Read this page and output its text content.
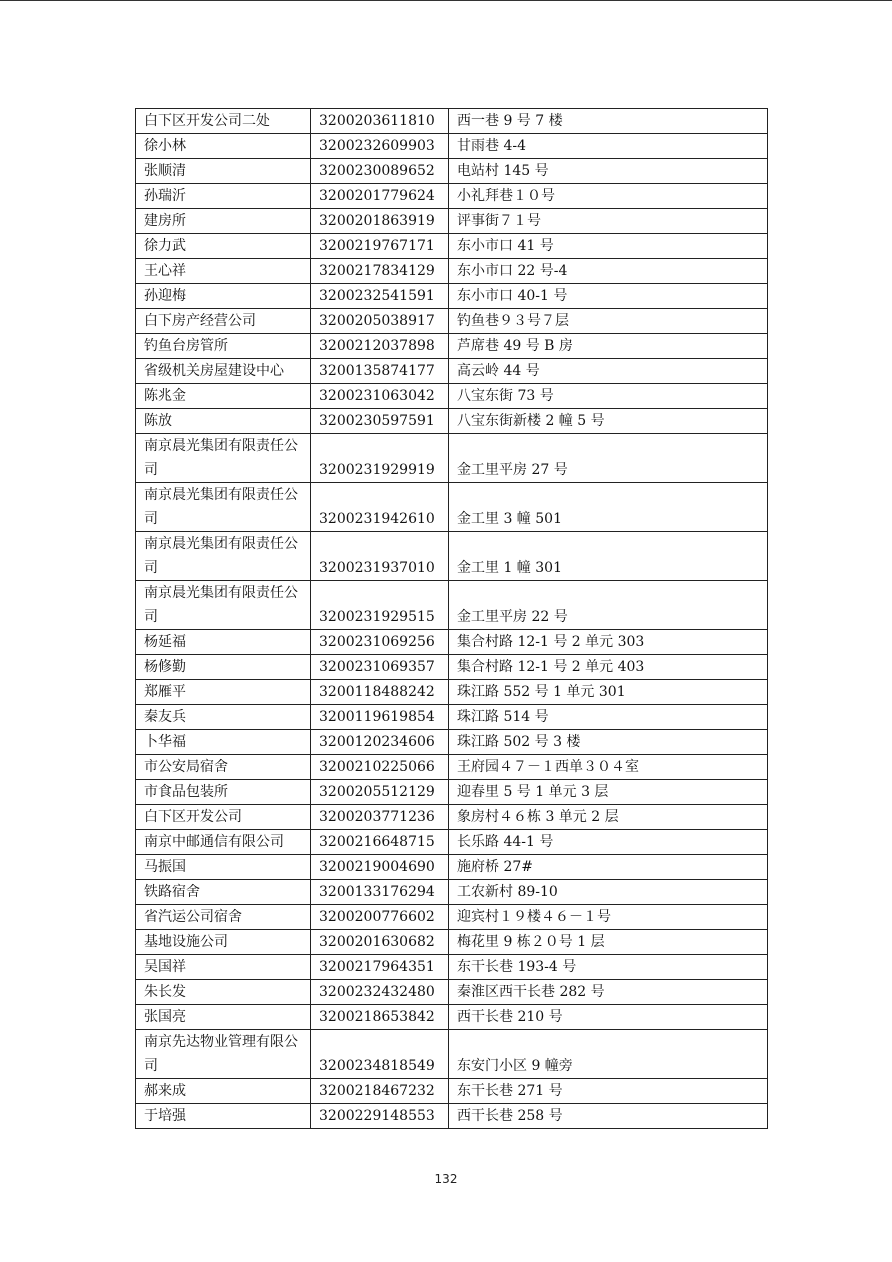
白下区开发公司二处	3200203611810	西一巷 9 号 7 楼
徐小林	3200232609903	甘雨巷 4-4
张顺清	3200230089652	电站村 145 号
孙瑞沂	3200201779624	小礼拜巷１０号
建房所	3200201863919	评事街７１号
徐力武	3200219767171	东小市口 41 号
王心祥	3200217834129	东小市口 22 号-4
孙迎梅	3200232541591	东小市口 40-1 号
白下房产经营公司	3200205038917	钓鱼巷９３号７层
钓鱼台房管所	3200212037898	芦席巷 49 号 B 房
省级机关房屋建设中心	3200135874177	高云岭 44 号
陈兆金	3200231063042	八宝东街 73 号
陈放	3200230597591	八宝东街新楼 2 幢 5 号
南京晨光集团有限责任公司	3200231929919	金工里平房 27 号
南京晨光集团有限责任公司	3200231942610	金工里 3 幢 501
南京晨光集团有限责任公司	3200231937010	金工里 1 幢 301
南京晨光集团有限责任公司	3200231929515	金工里平房 22 号
杨延福	3200231069256	集合村路 12-1 号 2 单元 303
杨修勤	3200231069357	集合村路 12-1 号 2 单元 403
郑雁平	3200118488242	珠江路 552 号 1 单元 301
秦友兵	3200119619854	珠江路 514 号
卜华福	3200120234606	珠江路 502 号 3 楼
市公安局宿舍	3200210225066	王府园４７－１西单３０４室
市食品包装所	3200205512129	迎春里 5 号 1 单元 3 层
白下区开发公司	3200203771236	象房村４６栋 3 单元 2 层
南京中邮通信有限公司	3200216648715	长乐路 44-1 号
马振国	3200219004690	施府桥 27#
铁路宿舍	3200133176294	工农新村 89-10
省汽运公司宿舍	3200200776602	迎宾村１９楼４６－１号
基地设施公司	3200201630682	梅花里 9 栋２０号 1 层
吴国祥	3200217964351	东干长巷 193-4 号
朱长发	3200232432480	秦淮区西干长巷 282 号
张国亮	3200218653842	西干长巷 210 号
南京先达物业管理有限公司	3200234818549	东安门小区 9 幢旁
郝来成	3200218467232	东干长巷 271 号
于培强	3200229148553	西干长巷 258 号
132
